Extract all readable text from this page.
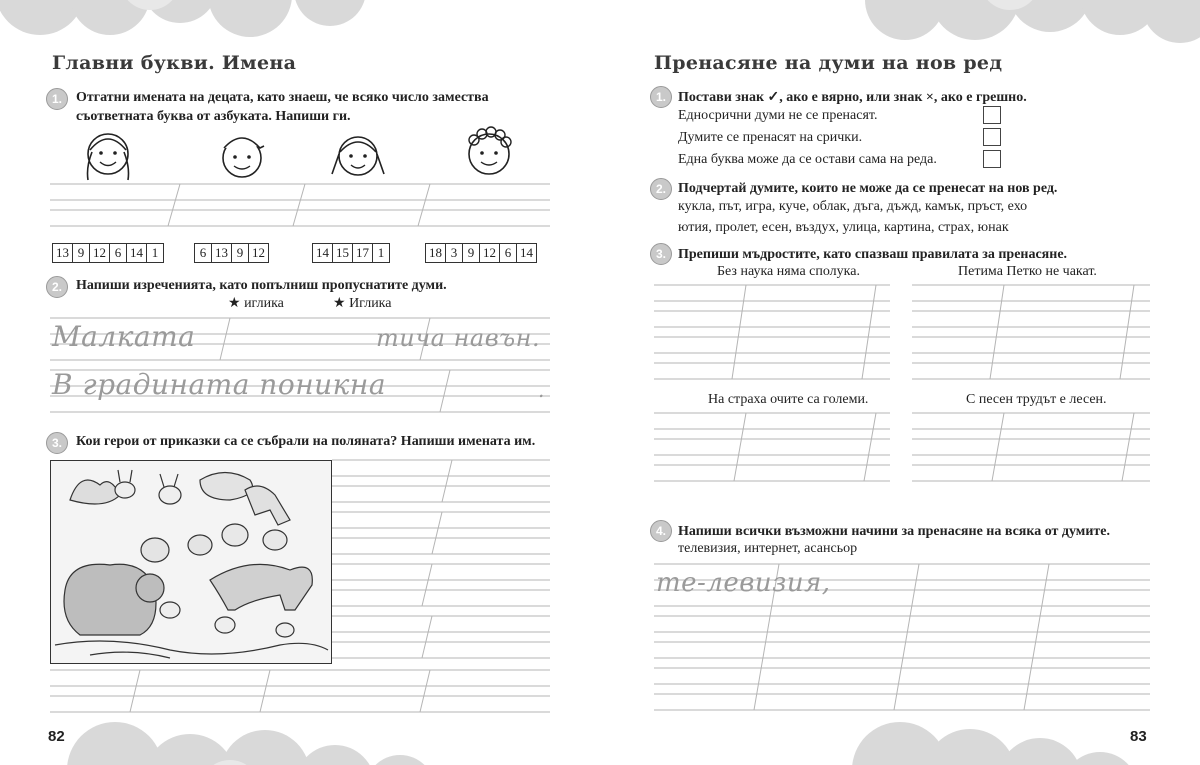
Главни букви. Имена
1.	Отгатни имената на децата, като знаеш, че всяко число замества
съответната буква от азбуката. Напиши ги.
13 9 12 6 14 1	6 13 9 12	14 15 17 1	18 3 9 12 6 14
2.	Напиши изреченията, като попълниш пропуснатите думи.
★ иглика	★ Иглика
Малката	тича навън.
В градината поникна	.
3.	Кои герои от приказки са се събрали на поляната? Напиши имената им.
82
Пренасяне на думи на нов ред
1. Постави знак ✓, ако е вярно, или знак ×, ако е грешно.
Едносрични думи не се пренасят.
Думите се пренасят на срички.
Една буква може да се остави сама на реда.
2. Подчертай думите, които не може да се пренесат на нов ред.
кукла, път, игра, куче, облак, дъга, дъжд, камък, пръст, ехо
ютия, пролет, есен, въздух, улица, картина, страх, юнак
3. Препиши мъдростите, като спазваш правилата за пренасяне.
Без наука няма сполука.	Петима Петко не чакат.
На страха очите са големи.	С песен трудът е лесен.
4. Напиши всички възможни начини за пренасяне на всяка от думите.
телевизия, интернет, асансьор
те-левизия,
83
